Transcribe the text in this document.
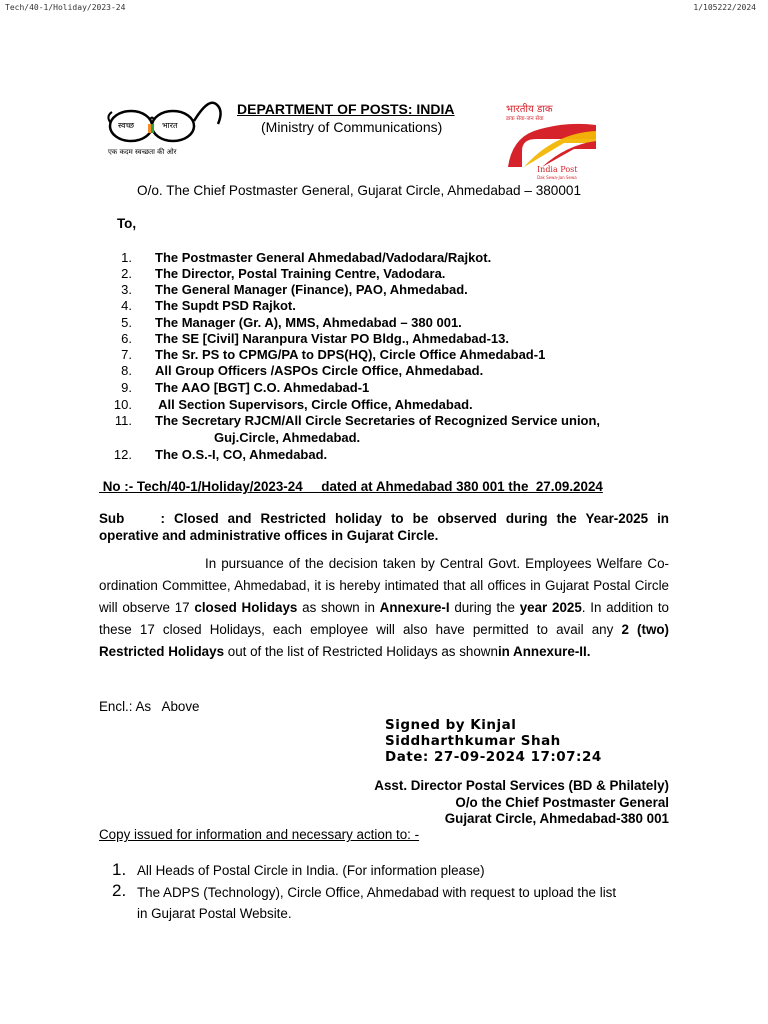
Tech/40-1/Holiday/2023-24	1/105222/2024
स्वच्छ	भारत
एक कदम स्वच्छता की ओर
DEPARTMENT OF POSTS: INDIA
(Ministry of Communications)
भारतीय डाक
डाक सेवा-जन सेवा
India Post
Dak Sewa-Jan Sewa
O/o. The Chief Postmaster General, Gujarat Circle, Ahmedabad – 380001
To,
1. The Postmaster General Ahmedabad/Vadodara/Rajkot.
2. The Director, Postal Training Centre, Vadodara.
3. The General Manager (Finance), PAO, Ahmedabad.
4. The Supdt PSD Rajkot.
5. The Manager (Gr. A), MMS, Ahmedabad – 380 001.
6. The SE [Civil] Naranpura Vistar PO Bldg., Ahmedabad-13.
7. The Sr. PS to CPMG/PA to DPS(HQ), Circle Office Ahmedabad-1
8. All Group Officers /ASPOs Circle Office, Ahmedabad.
9. The AAO [BGT] C.O. Ahmedabad-1
10. All Section Supervisors, Circle Office, Ahmedabad.
11. The Secretary RJCM/All Circle Secretaries of Recognized Service union,
Guj.Circle, Ahmedabad.
12. The O.S.-I, CO, Ahmedabad.
No :- Tech/40-1/Holiday/2023-24     dated at Ahmedabad 380 001 the  27.09.2024
Sub    : Closed and Restricted holiday to be observed during the Year-2025 in
operative and administrative offices in Gujarat Circle.
In pursuance of the decision taken by Central Govt. Employees Welfare Co-ordination Committee, Ahmedabad, it is hereby intimated that all offices in Gujarat Postal Circle will observe 17 closed Holidays as shown in Annexure-I during the year 2025. In addition to these 17 closed Holidays, each employee will also have permitted to avail any 2 (two) Restricted Holidays out of the list of Restricted Holidays as shownin Annexure-II.
Encl.: As   Above
Signed by Kinjal
Siddharthkumar Shah
Date: 27-09-2024 17:07:24
Asst. Director Postal Services (BD & Philately)
O/o the Chief Postmaster General
Gujarat Circle, Ahmedabad-380 001
Copy issued for information and necessary action to: -
1. All Heads of Postal Circle in India. (For information please)
2. The ADPS (Technology), Circle Office, Ahmedabad with request to upload the list
in Gujarat Postal Website.
